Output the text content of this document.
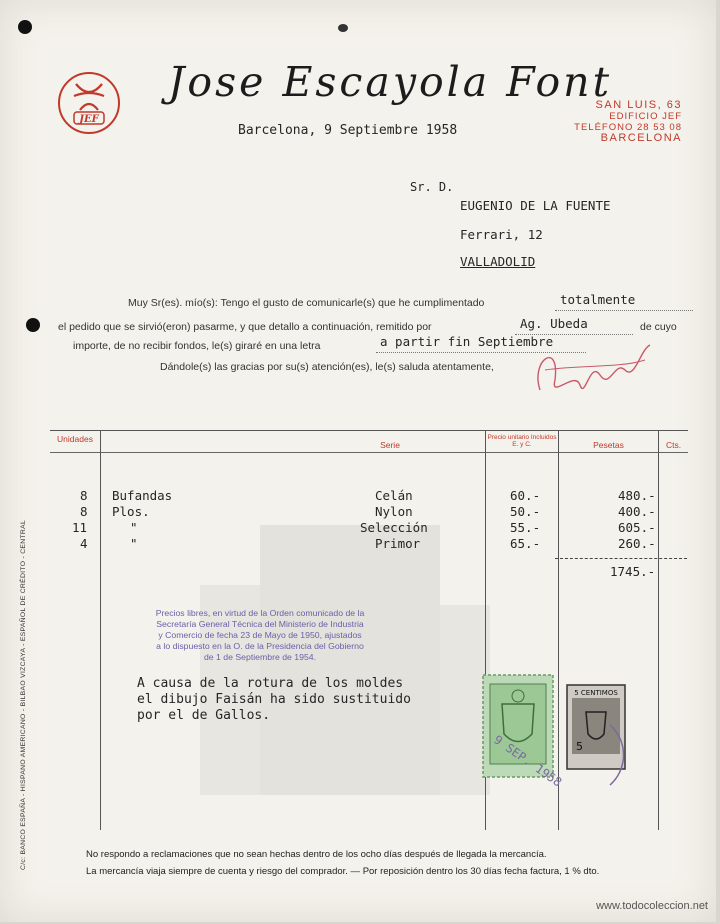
JEF
Jose Escayola Font
SAN LUIS, 63
EDIFICIO JEF
TELÉFONO 28 53 08
BARCELONA
Barcelona, 9 Septiembre 1958
Sr. D.
EUGENIO DE LA FUENTE
Ferrari, 12
VALLADOLID
Muy Sr(es). mío(s): Tengo el gusto de comunicarle(s) que he cumplimentado	totalmente
el pedido que se sirvió(eron) pasarme, y que detallo a continuación, remitido por	Ag. Ubeda	de cuyo
importe, de no recibir fondos, le(s) giraré en una letra	a partir fin Septiembre
Dándole(s) las gracias por su(s) atención(es), le(s) saluda atentamente,
Unidades
Serie
Precio unitario Incluidos E. y C.	Pesetas	Cts.
8 Bufandas	Celán	60.-	480.-
8 Plos.	Nylon	50.-	400.-
11	"	Selección	55.-	605.-
4	"	Primor	65.-	260.-
1745.-
Precios libres, en virtud de la Orden comunicado de la Secretaría General Técnica del Ministerio de Industria y Comercio de fecha 23 de Mayo de 1950, ajustados a lo dispuesto en la O. de la Presidencia del Gobierno de 1 de Septiembre de 1954.
A causa de la rotura de los moldes
el dibujo Faisán ha sido sustituido
por el de Gallos.
5 CENTIMOS
5
9 SEP. 1958
No respondo a reclamaciones que no sean hechas dentro de los ocho días después de llegada la mercancía.
La mercancía viaja siempre de cuenta y riesgo del comprador. — Por reposición dentro los 30 días fecha factura, 1 % dto.
C/c: BANCO ESPAÑA - HISPANO AMERICANO - BILBAO VIZCAYA - ESPAÑOL DE CRÉDITO - CENTRAL
www.todocoleccion.net
